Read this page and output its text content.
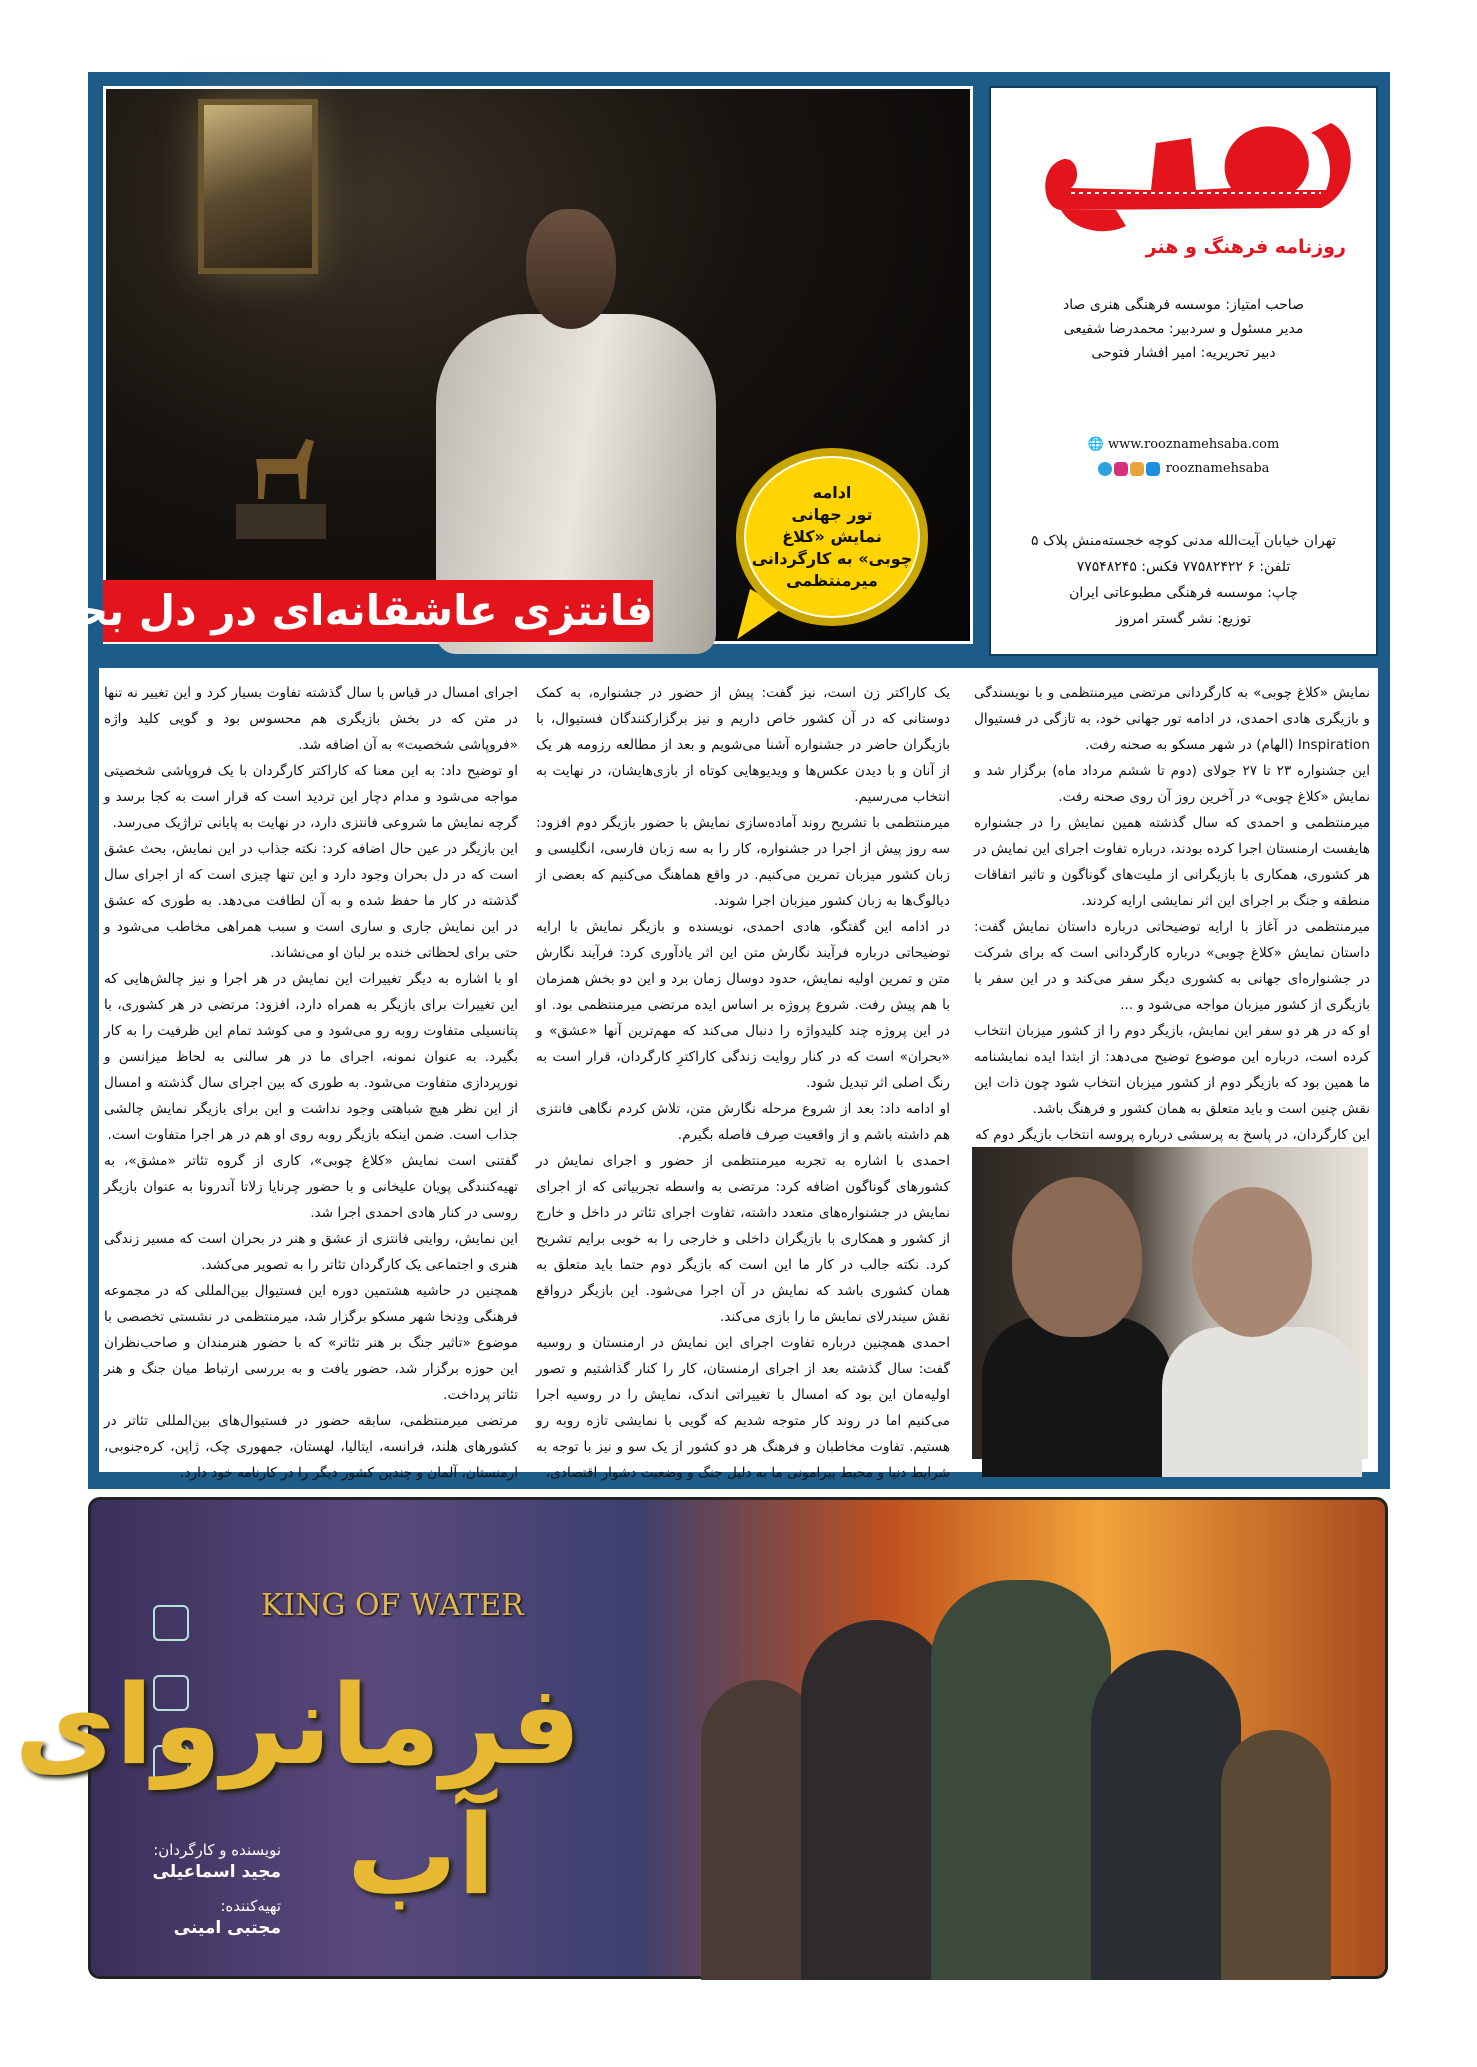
فانتزی عاشقانه‌ای در دل بحران
ادامه
تور جهانی
نمایش «کلاغ
چوبی» به کارگردانی
میرمنتظمی
روزنامه فرهنگ و هنر
صاحب امتیاز: موسسه فرهنگی هنری صاد
مدیر مسئول و سردبیر: محمدرضا شفیعی
دبیر تحریریه: امیر افشار فتوحی
🌐 www.rooznamehsaba.com
rooznamehsaba
تهران خیابان آیت‌الله مدنی کوچه خجسته‌منش پلاک ۵
تلفن: ۶ ۷۷۵۸۲۴۲۲ فکس: ۷۷۵۴۸۲۴۵
چاپ: موسسه فرهنگی مطبوعاتی ایران
توزیع: نشر گستر امروز

نمایش «کلاغ چوبی» به کارگردانی مرتضی میرمنتظمی و با نویسندگی و بازیگری هادی احمدی، در ادامه تور جهانی خود، به تازگی در فستیوال Inspiration (الهام) در شهر مسکو به صحنه رفت.

این جشنواره ۲۳ تا ۲۷ جولای (دوم تا ششم مرداد ماه) برگزار شد و نمایش «کلاغ چوبی» در آخرین روز آن روی صحنه رفت.

میرمنتظمی و احمدی که سال گذشته همین نمایش را در جشنواره هایفست ارمنستان اجرا کرده بودند، درباره تفاوت اجرای این نمایش در هر کشوری، همکاری با بازیگرانی از ملیت‌های گوناگون و تاثیر اتفاقات منطقه و جنگ بر اجرای این اثر نمایشی ارایه کردند.

میرمنتظمی در آغاز با ارایه توضیحاتی درباره داستان نمایش گفت: داستان نمایش «کلاغ چوبی» درباره کارگردانی است که برای شرکت در جشنواره‌ای جهانی به کشوری دیگر سفر می‌کند و در این سفر با بازیگری از کشور میزبان مواجه می‌شود و ...

او که در هر دو سفر این نمایش، بازیگر دوم را از کشور میزبان انتخاب کرده است، درباره این موضوع توضیح می‌دهد: از ابتدا ایده نمایشنامه ما همین بود که بازیگر دوم از کشور میزبان انتخاب شود چون ذات این نقش چنین است و باید متعلق به همان کشور و فرهنگ باشد.

این کارگردان، در پاسخ به پرسشی درباره پروسه انتخاب بازیگر دوم که

یک کاراکتر زن است، نیز گفت: پیش از حضور در جشنواره، به کمک دوستانی که در آن کشور خاص داریم و نیز برگزارکنندگان فستیوال، با بازیگران حاضر در جشنواره آشنا می‌شویم و بعد از مطالعه رزومه هر یک از آنان و با دیدن عکس‌ها و ویدیوهایی کوتاه از بازی‌هایشان، در نهایت به انتخاب می‌رسیم.

میرمنتظمی با تشریح روند آماده‌سازی نمایش با حضور بازیگر دوم افزود: سه روز پیش از اجرا در جشنواره، کار را به سه زبان فارسی، انگلیسی و زبان کشور میزبان تمرین می‌کنیم. در واقع هماهنگ می‌کنیم که بعضی از دیالوگ‌ها به زبان کشور میزبان اجرا شوند.

در ادامه این گفتگو، هادی احمدی، نویسنده و بازیگر نمایش با ارایه توضیحاتی درباره فرآیند نگارش متن این اثر یادآوری کرد: فرآیند نگارش متن و تمرین اولیه نمایش، حدود دوسال زمان برد و این دو بخش همزمان با هم پیش رفت. شروع پروژه بر اساس ایده مرتضی میرمنتظمی بود. او در این پروژه چند کلیدواژه را دنبال می‌کند که مهم‌ترین آنها «عشق» و «بحران» است که در کنار روایت زندگی کاراکترِ کارگردان، قرار است به رنگ اصلی اثر تبدیل شود.

او ادامه داد: بعد از شروع مرحله نگارش متن، تلاش کردم نگاهی فانتزی هم داشته باشم و از واقعیت صِرف فاصله بگیرم.

احمدی با اشاره به تجربه میرمنتظمی از حضور و اجرای نمایش در کشورهای گوناگون اضافه کرد: مرتضی به واسطه تجربیاتی که از اجرای نمایش در جشنواره‌های متعدد داشته، تفاوت اجرای تئاتر در داخل و خارج از کشور و همکاری با بازیگران داخلی و خارجی را به خوبی برایم تشریح کرد. نکته جالب در کار ما این است که بازیگر دوم حتما باید متعلق به همان کشوری باشد که نمایش در آن اجرا می‌شود. این بازیگر درواقع نقش سیندرلای نمایش ما را بازی می‌کند.

احمدی همچنین درباره تفاوت اجرای این نمایش در ارمنستان و روسیه گفت: سال گذشته بعد از اجرای ارمنستان، کار را کنار گذاشتیم و تصور اولیه‌مان این بود که امسال با تغییراتی اندک، نمایش را در روسیه اجرا می‌کنیم اما در روند کار متوجه شدیم که گویی با نمایشی تازه روبه رو هستیم. تفاوت مخاطبان و فرهنگ هر دو کشور از یک سو و نیز با توجه به شرایط دنیا و محیط پیرامونی ما به دلیل جنگ و وضعیت دشوار اقتصادی،

اجرای امسال در قیاس با سال گذشته تفاوت بسیار کرد و این تغییر نه تنها در متن که در بخش بازیگری هم محسوس بود و گویی کلید واژه «فروپاشی شخصیت» به آن اضافه شد.

او توضیح داد: به این معنا که کاراکتر کارگردان با یک فروپاشی شخصیتی مواجه می‌شود و مدام دچار این تردید است که قرار است به کجا برسد و گرچه نمایش ما شروعی فانتزی دارد، در نهایت به پایانی تراژیک می‌رسد.

این بازیگر در عین حال اضافه کرد: نکته جذاب در این نمایش، بحث عشق است که در دل بحران وجود دارد و این تنها چیزی است که از اجرای سال گذشته در کار ما حفظ شده و به آن لطافت می‌دهد. به طوری که عشق در این نمایش جاری و ساری است و سبب همراهی مخاطب می‌شود و حتی برای لحظاتی خنده بر لبان او می‌نشاند.

او با اشاره به دیگر تغییرات این نمایش در هر اجرا و نیز چالش‌هایی که این تغییرات برای بازیگر به همراه دارد، افزود: مرتضی در هر کشوری، با پتانسیلی متفاوت روبه رو می‌شود و می کوشد تمام این ظرفیت را به کار بگیرد. به عنوان نمونه، اجرای ما در هر سالنی به لحاظ میزانسن و نورپردازی متفاوت می‌شود. به طوری که بین اجرای سال گذشته و امسال از این نظر هیچ شباهتی وجود نداشت و این برای بازیگر نمایش چالشی جذاب است. ضمن اینکه بازیگر روبه روی او هم در هر اجرا متفاوت است.

گفتنی است نمایش «کلاغ چوبی»، کاری از گروه تئاتر «مشق»، به تهیه‌کنندگی پویان علیخانی و با حضور چرنایا زلاتا آندرونا به عنوان بازیگر روسی در کنار هادی احمدی اجرا شد.

این نمایش، روایتی فانتزی از عشق و هنر در بحران است که مسیر زندگی هنری و اجتماعی یک کارگردان تئاتر را به تصویر می‌کشد.

همچنین در حاشیه هشتمین دوره این فستیوال بین‌المللی که در مجموعه فرهنگی ودِنخا شهر مسکو برگزار شد، میرمنتظمی در نشستی تخصصی با موضوع «تاثیر جنگ بر هنر تئاتر» که با حضور هنرمندان و صاحب‌نظران این حوزه برگزار شد، حضور یافت و به بررسی ارتباط میان جنگ و هنر تئاتر پرداخت.

مرتضی میرمنتظمی، سابقه حضور در فستیوال‌های بین‌المللی تئاتر در کشورهای هلند، فرانسه، ایتالیا، لهستان، جمهوری چک، ژاپن، کره‌جنوبی، ارمنستان، آلمان و چندین کشور دیگر را در کارنامه خود دارد.

KING OF WATER
فرمانروای آب
نویسنده و کارگردان:
مجید اسماعیلی
تهیه‌کننده:
مجتبی امینی
